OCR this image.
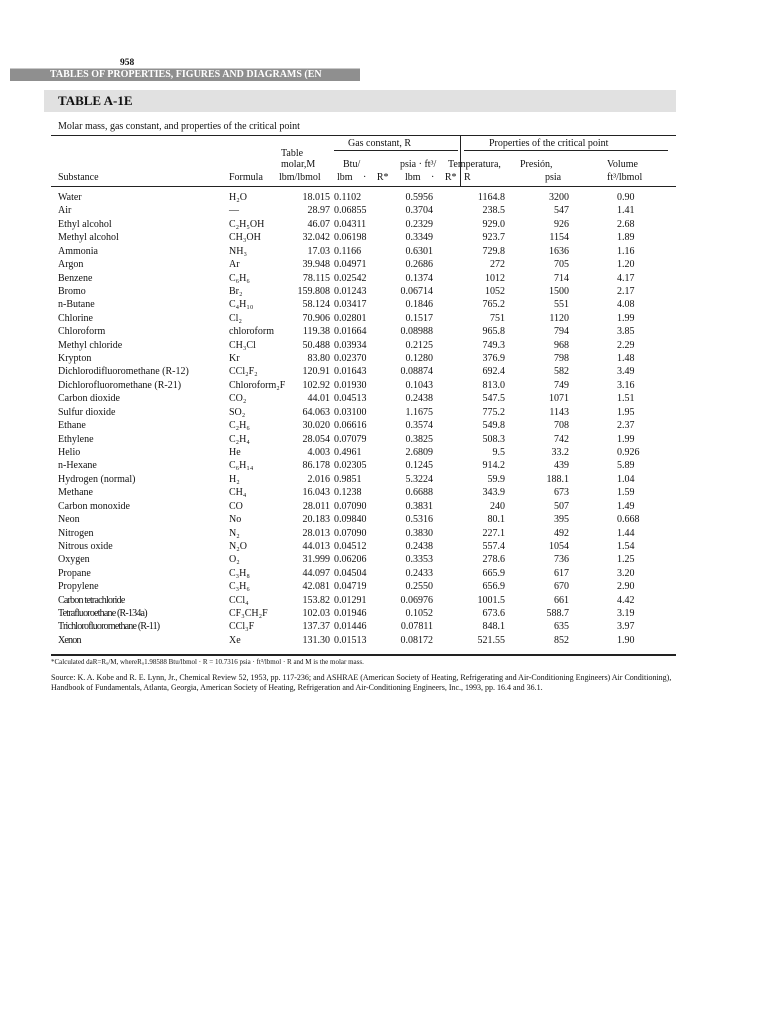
958
TABLES OF PROPERTIES, FIGURES AND DIAGRAMS (EN
TABLE A-1E
Molar mass, gas constant, and properties of the critical point
Gas constant, R	Properties of the critical point
Table
molar,M
lbm/lbmol
Btu/
lbm · R*
psia · ft³/
lbm · R*
Temperatura,
R
Presión,
psia
Volume
ft³/lbmol
Substance	Formula
Water	H₂O	18.015 0.1102	0.5956	1164.8	3200	0.90
Air	—	28.97 0.06855	0.3704	238.5	547	1.41
Ethyl alcohol	C₂H₅OH	46.07 0.04311	0.2329	929.0	926	2.68
Methyl alcohol	CH₃OH	32.042 0.06198	0.3349	923.7	1154	1.89
Ammonia	NH₃	17.03 0.1166	0.6301	729.8	1636	1.16
Argon	Ar	39.948 0.04971	0.2686	272	705	1.20
Benzene	C₆H₆	78.115 0.02542	0.1374	1012	714	4.17
Bromo	Br₂	159.808 0.01243	0.06714	1052	1500	2.17
n-Butane	C₄H₁₀	58.124 0.03417	0.1846	765.2	551	4.08
Chlorine	Cl₂	70.906 0.02801	0.1517	751	1120	1.99
Chloroform	chloroform	119.38 0.01664	0.08988	965.8	794	3.85
Methyl chloride	CH₃Cl	50.488 0.03934	0.2125	749.3	968	2.29
Krypton	Kr	83.80 0.02370	0.1280	376.9	798	1.48
Dichlorodifluoromethane (R-12)	CCl₂F₂	120.91 0.01643	0.08874	692.4	582	3.49
Dichlorofluoromethane (R-21)	Chloroform₂F	102.92 0.01930	0.1043	813.0	749	3.16
Carbon dioxide	CO₂	44.01 0.04513	0.2438	547.5	1071	1.51
Sulfur dioxide	SO₂	64.063 0.03100	1.1675	775.2	1143	1.95
Ethane	C₂H₆	30.020 0.06616	0.3574	549.8	708	2.37
Ethylene	C₂H₄	28.054 0.07079	0.3825	508.3	742	1.99
Helio	He	4.003 0.4961	2.6809	9.5	33.2	0.926
n-Hexane	C₆H₁₄	86.178 0.02305	0.1245	914.2	439	5.89
Hydrogen (normal)	H₂	2.016 0.9851	5.3224	59.9	188.1	1.04
Methane	CH₄	16.043 0.1238	0.6688	343.9	673	1.59
Carbon monoxide	CO	28.011 0.07090	0.3831	240	507	1.49
Neon	No	20.183 0.09840	0.5316	80.1	395	0.668
Nitrogen	N₂	28.013 0.07090	0.3830	227.1	492	1.44
Nitrous oxide	N₂O	44.013 0.04512	0.2438	557.4	1054	1.54
Oxygen	O₂	31.999 0.06206	0.3353	278.6	736	1.25
Propane	C₃H₈	44.097 0.04504	0.2433	665.9	617	3.20
Propylene	C₃H₆	42.081 0.04719	0.2550	656.9	670	2.90
Carbon tetrachloride	CCl₄	153.82 0.01291	0.06976	1001.5	661	4.42
Tetrafluoroethane (R-134a)	CF₃CH₂F	102.03 0.01946	0.1052	673.6	588.7	3.19
Trichlorofluoromethane (R-11)	CCl₃F	137.37 0.01446	0.07811	848.1	635	3.97
Xenon	Xe	131.30 0.01513	0.08172	521.55	852	1.90
*Calculated daR=Rᵤ/M, whereRᵤ1.98588 Btu/lbmol · R = 10.7316 psia · ft³/lbmol · R and M is the molar mass.
Source: K. A. Kobe and R. E. Lynn, Jr., Chemical Review 52, 1953, pp. 117-236; and ASHRAE (American Society of Heating, Refrigerating and Air-Conditioning Engineers) Air Conditioning), Handbook of Fundamentals, Atlanta, Georgia, American Society of Heating, Refrigeration and Air-Conditioning Engineers, Inc., 1993, pp. 16.4 and 36.1.
